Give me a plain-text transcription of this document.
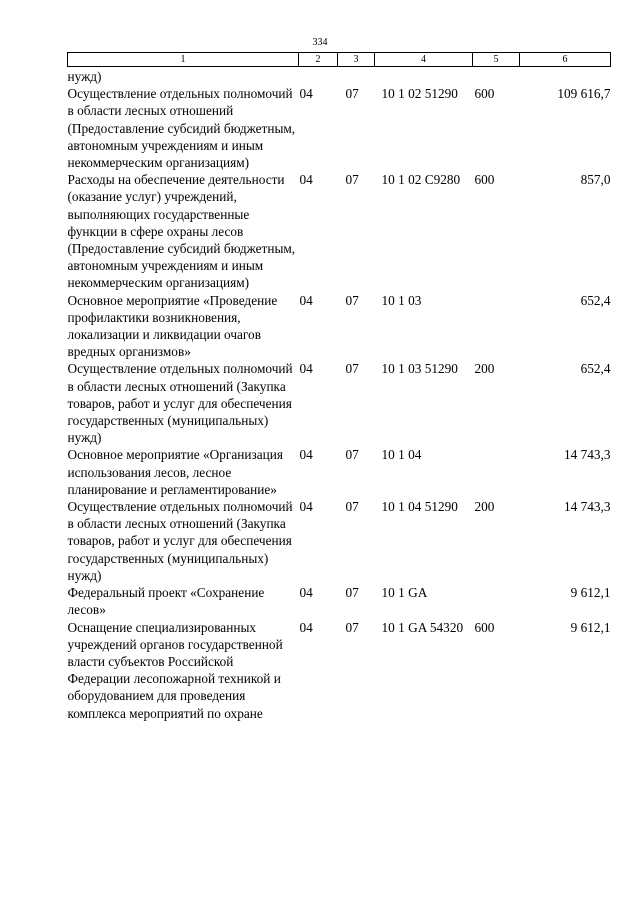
334
1	2	3	4	5	6
нужд)					
Осуществление отдельных полномочий в области лесных отношений (Предоставление субсидий бюджетным, автономным учреждениям и иным некоммерческим организациям)	04	07	10 1 02 51290	600	109 616,7
Расходы на обеспечение деятельности (оказание услуг) учреждений, выполняющих государственные функции в сфере охраны лесов (Предоставление субсидий бюджетным, автономным учреждениям и иным некоммерческим организациям)	04	07	10 1 02 С9280	600	857,0
Основное мероприятие «Проведение профилактики возникновения, локализации и ликвидации очагов вредных организмов»	04	07	10 1 03		652,4
Осуществление отдельных полномочий в области лесных отношений (Закупка товаров, работ и услуг для обеспечения государственных (муниципальных) нужд)	04	07	10 1 03 51290	200	652,4
Основное мероприятие «Организация использования лесов, лесное планирование и регламентирование»	04	07	10 1 04		14 743,3
Осуществление отдельных полномочий в области лесных отношений (Закупка товаров, работ и услуг для обеспечения государственных (муниципальных) нужд)	04	07	10 1 04 51290	200	14 743,3
Федеральный проект «Сохранение лесов»	04	07	10 1 GA		9 612,1
Оснащение специализированных учреждений органов государственной власти субъектов Российской Федерации лесопожарной техникой и оборудованием для проведения комплекса мероприятий по охране	04	07	10 1 GA 54320	600	9 612,1
